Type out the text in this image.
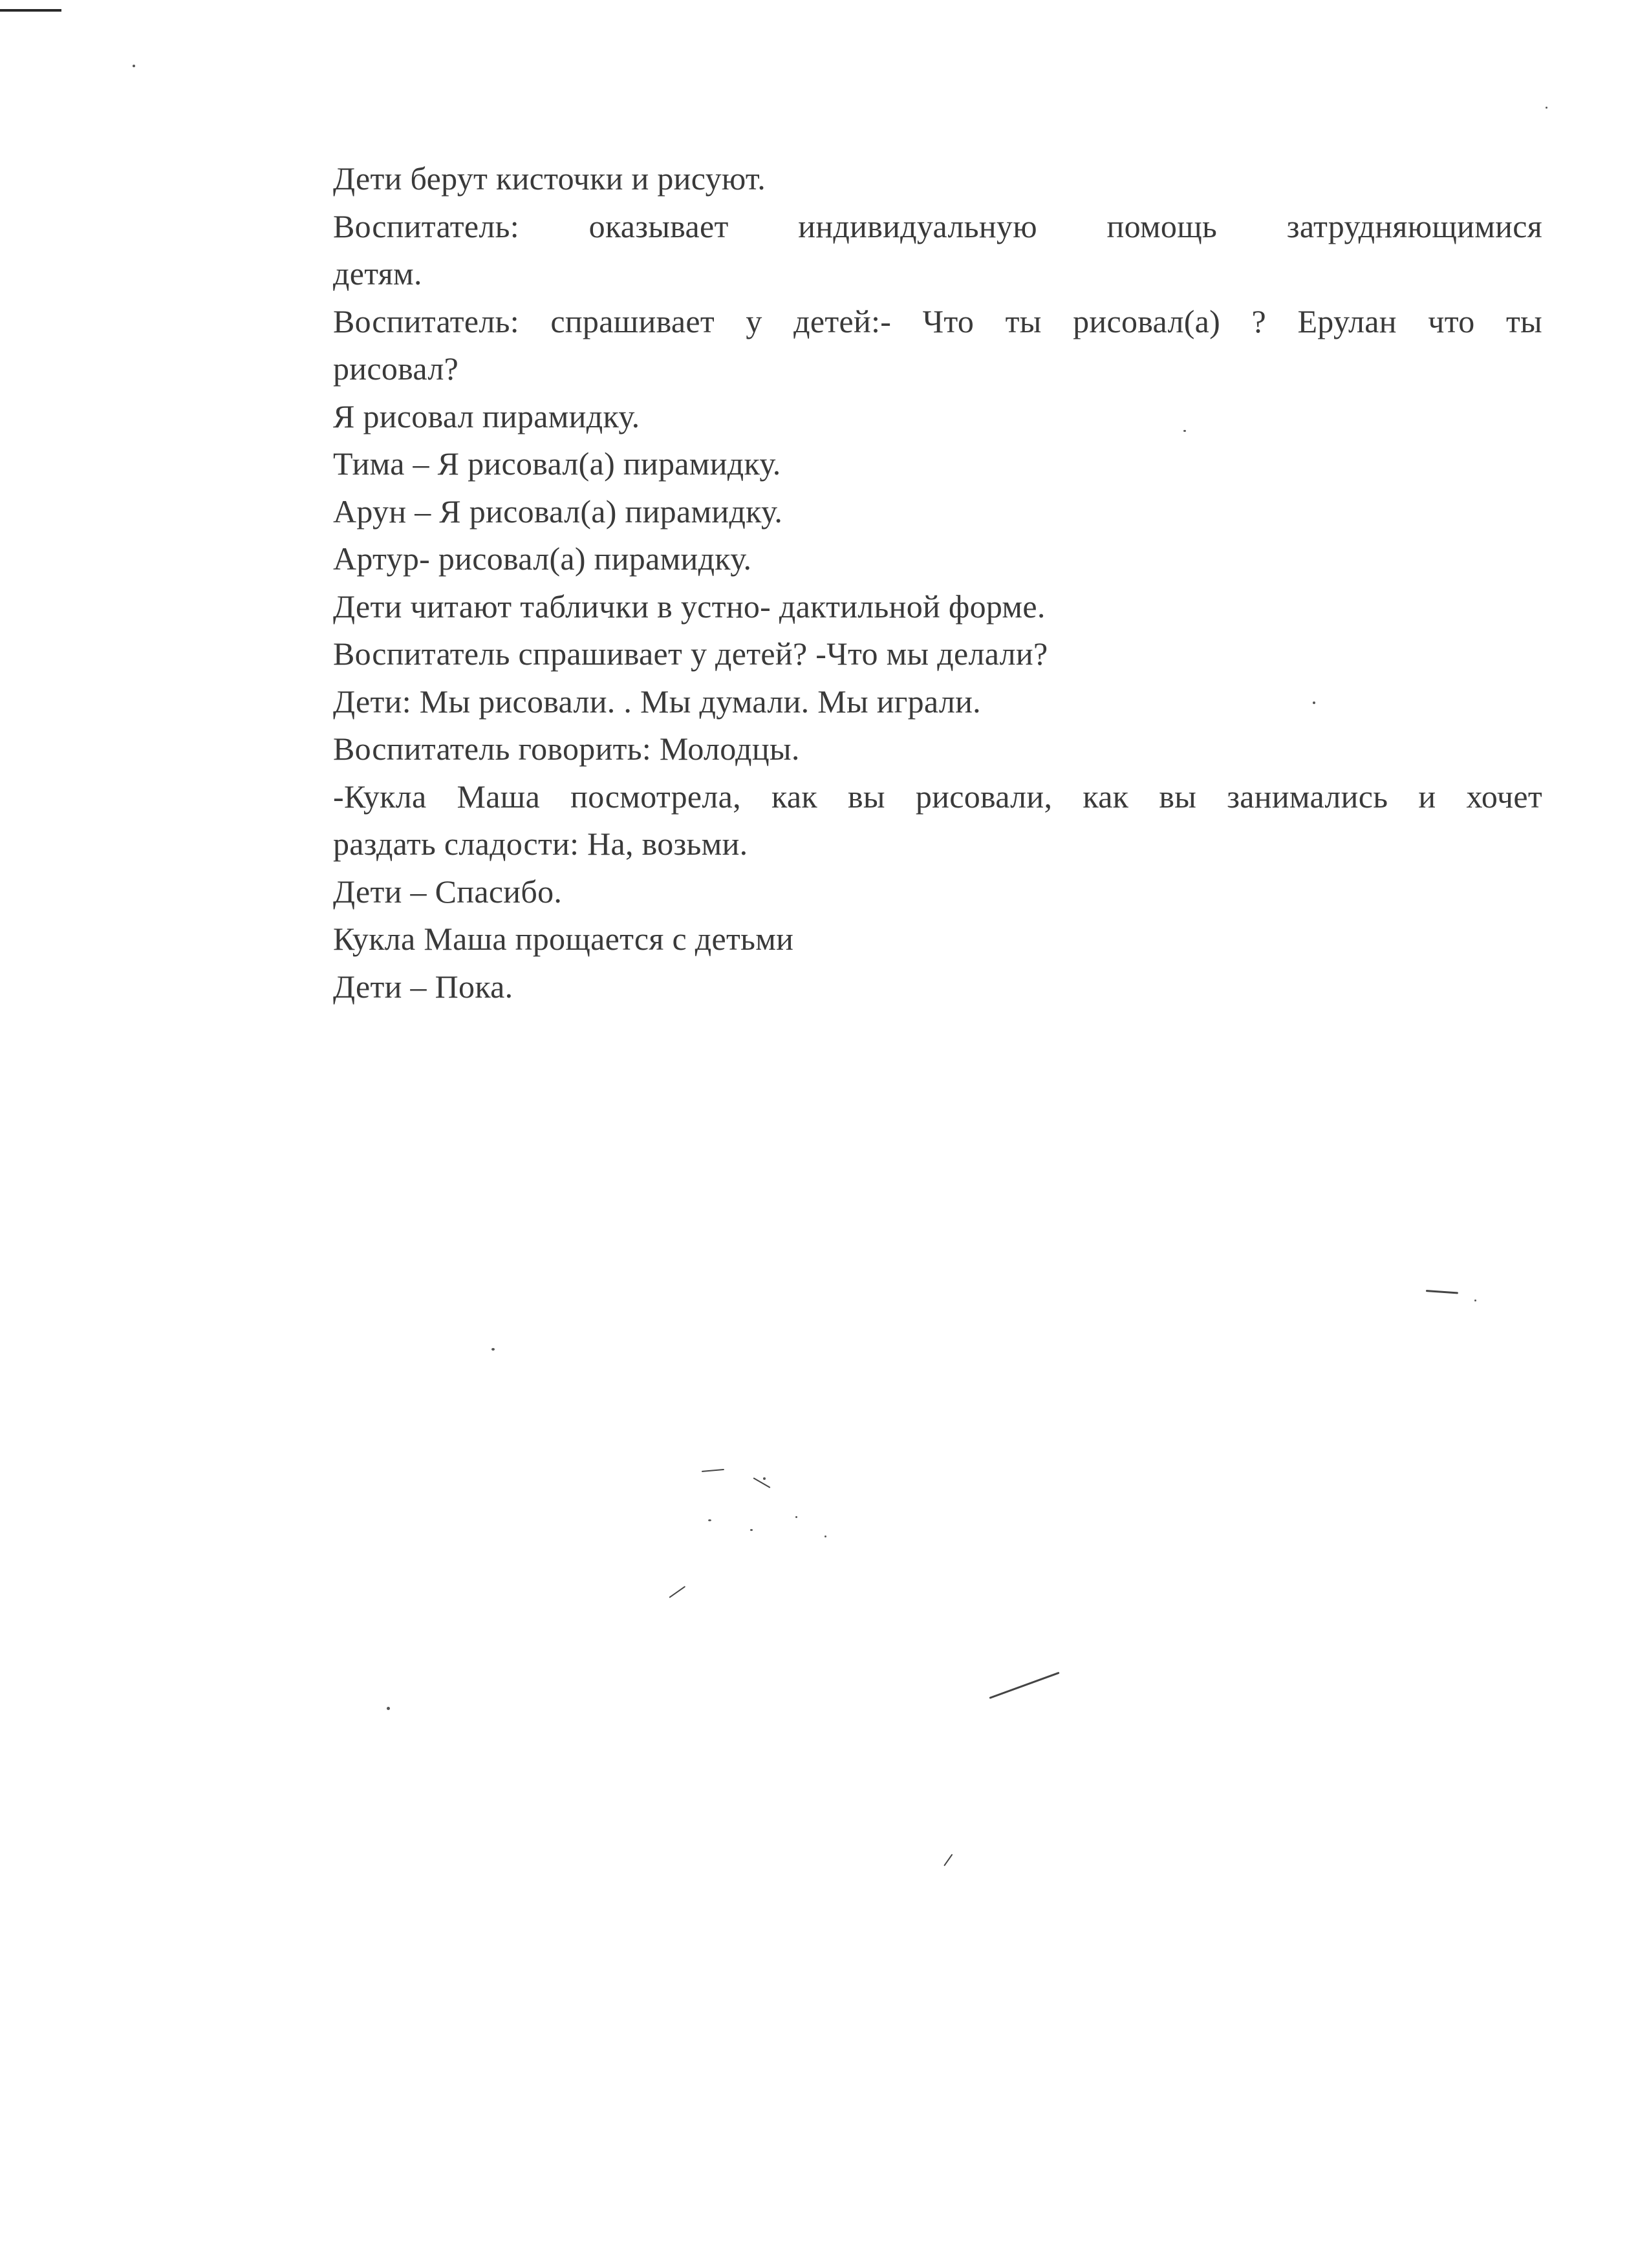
Дети берут кисточки и рисуют.
Воспитатель: оказывает индивидуальную помощь затрудняющимися
детям.
Воспитатель: спрашивает у детей:- Что ты рисовал(а) ? Ерулан что ты
рисовал?
Я рисовал пирамидку.
Тима – Я рисовал(а) пирамидку.
Арун – Я рисовал(а) пирамидку.
Артур- рисовал(а) пирамидку.
Дети читают таблички в устно- дактильной форме.
Воспитатель спрашивает у детей? -Что мы делали?
Дети: Мы рисовали. . Мы думали. Мы играли.
Воспитатель говорить: Молодцы.
-Кукла Маша посмотрела, как вы рисовали, как вы занимались и хочет
раздать сладости: На, возьми.
Дети – Спасибо.
Кукла Маша прощается с детьми
Дети – Пока.
